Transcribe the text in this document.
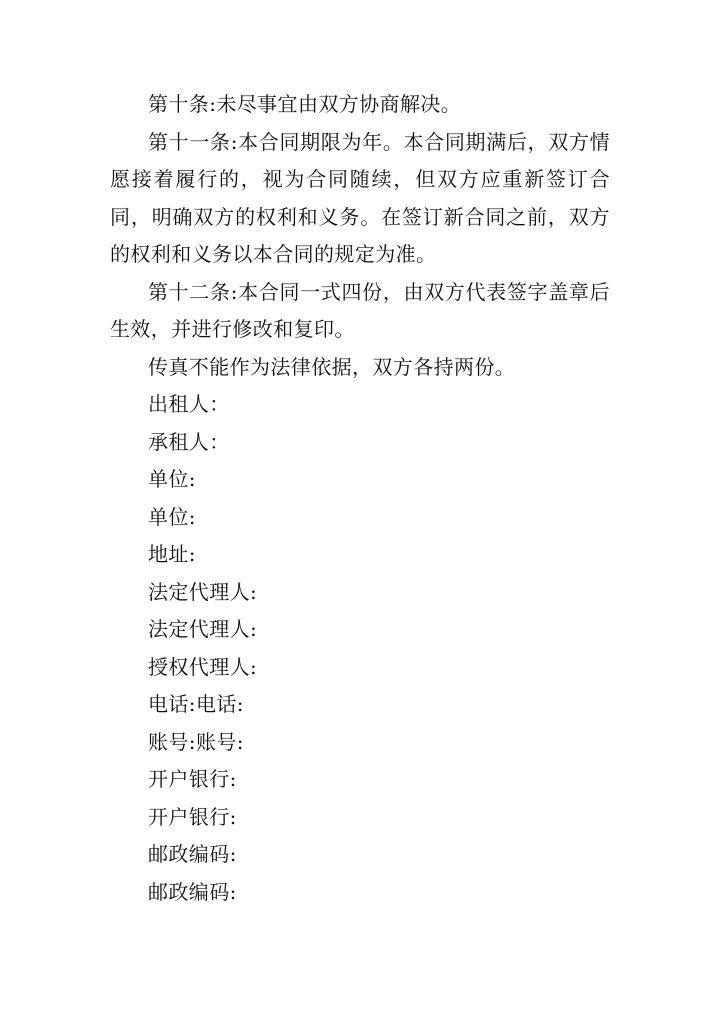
第十条:未尽事宜由双方协商解决。

第十一条:本合同期限为年。本合同期满后，双方情愿接着履行的，视为合同随续，但双方应重新签订合同，明确双方的权利和义务。在签订新合同之前，双方的权利和义务以本合同的规定为准。

第十二条:本合同一式四份，由双方代表签字盖章后生效，并进行修改和复印。

传真不能作为法律依据，双方各持两份。

出租人：

承租人：

单位:

单位:

地址:

法定代理人:

法定代理人:

授权代理人:

电话:电话:

账号:账号:

开户银行:

开户银行:

邮政编码:

邮政编码:
